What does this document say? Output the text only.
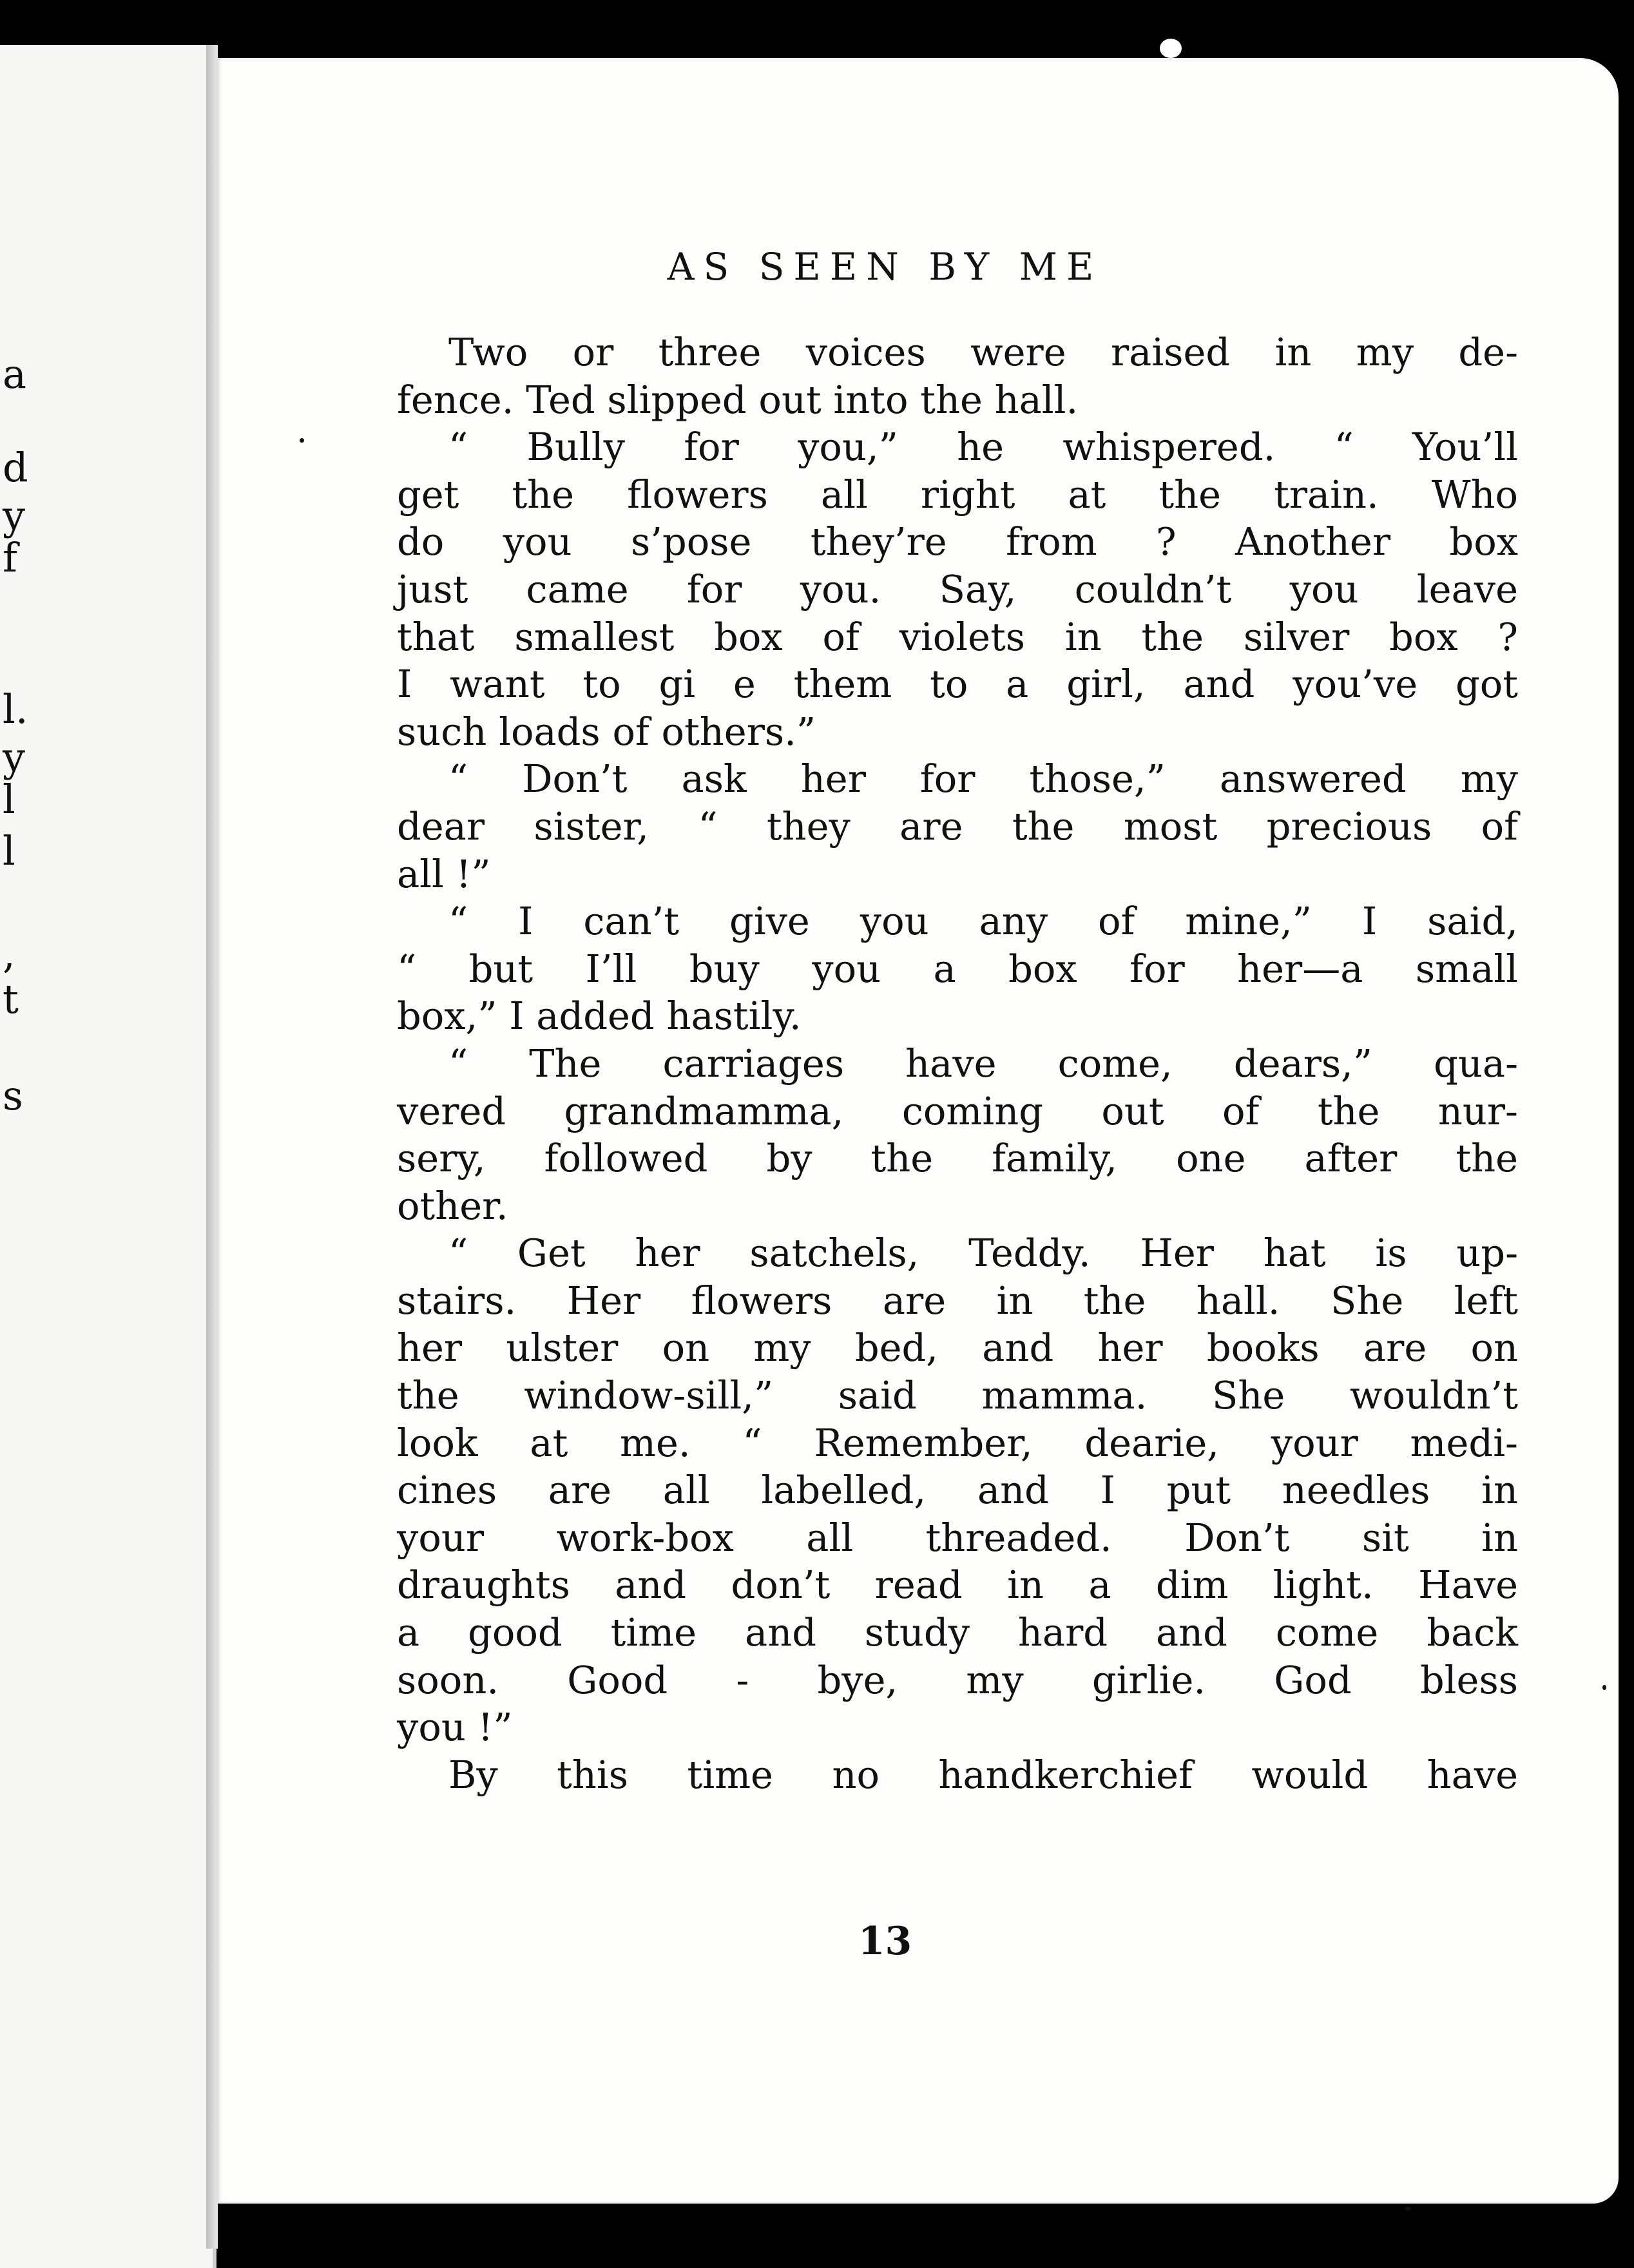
a
d
y
f
l.
y
l
l
,
t
s
AS SEEN BY ME
Two or three voices were raised in my de-
fence. Ted slipped out into the hall.
“ Bully for you,” he whispered. “ You’ll
get the flowers all right at the train. Who
do you s’pose they’re from ? Another box
just came for you. Say, couldn’t you leave
that smallest box of violets in the silver box ?
I want to gi e them to a girl, and you’ve got
such loads of others.”
“ Don’t ask her for those,” answered my
dear sister, “ they are the most precious of
all !”
“ I can’t give you any of mine,” I said,
“ but I’ll buy you a box for her—a small
box,” I added hastily.
“ The carriages have come, dears,” qua-
vered grandmamma, coming out of the nur-
sery, followed by the family, one after the
other.
“ Get her satchels, Teddy. Her hat is up-
stairs. Her flowers are in the hall. She left
her ulster on my bed, and her books are on
the window-sill,” said mamma. She wouldn’t
look at me. “ Remember, dearie, your medi-
cines are all labelled, and I put needles in
your work-box all threaded. Don’t sit in
draughts and don’t read in a dim light. Have
a good time and study hard and come back
soon. Good - bye, my girlie. God bless
you !”
By this time no handkerchief would have
13
